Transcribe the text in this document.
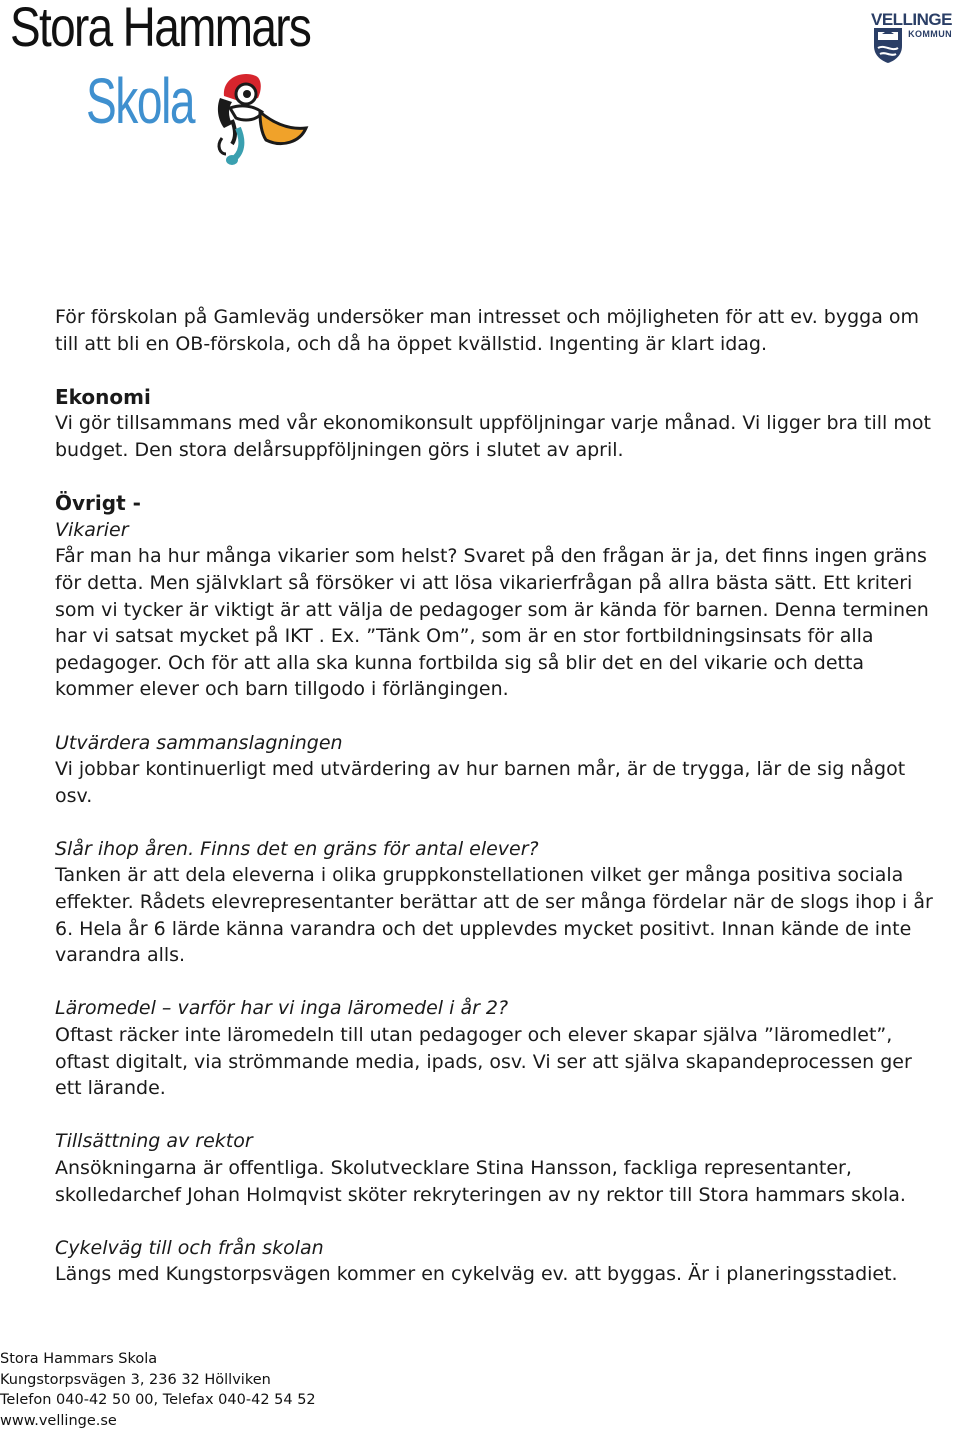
Stora Hammars
Skola
VELLINGE
KOMMUN

För förskolan på Gamleväg undersöker man intresset och möjligheten för att ev. bygga om till att bli en OB-förskola, och då ha öppet kvällstid. Ingenting är klart idag.

Ekonomi

Vi gör tillsammans med vår ekonomikonsult uppföljningar varje månad. Vi ligger bra till mot budget. Den stora delårsuppföljningen görs i slutet av april.

Övrigt -

Vikarier

Får man ha hur många vikarier som helst? Svaret på den frågan är ja, det finns ingen gräns för detta. Men självklart så försöker vi att lösa vikarierfrågan på allra bästa sätt. Ett kriteri som vi tycker är viktigt är att välja de pedagoger som är kända för barnen. Denna terminen har vi satsat mycket på IKT . Ex. ”Tänk Om”, som är en stor fortbildningsinsats för alla pedagoger. Och för att alla ska kunna fortbilda sig så blir det en del vikarie och detta kommer elever och barn tillgodo i förlängingen.

Utvärdera sammanslagningen

Vi jobbar kontinuerligt med utvärdering av hur barnen mår, är de trygga, lär de sig något osv.

Slår ihop åren. Finns det en gräns för antal elever?

Tanken är att dela eleverna i olika gruppkonstellationen vilket ger många positiva sociala effekter. Rådets elevrepresentanter berättar att de ser många fördelar när de slogs ihop i år 6. Hela år 6 lärde känna varandra och det upplevdes mycket positivt. Innan kände de inte varandra alls.

Läromedel – varför har vi inga läromedel i år 2?

Oftast räcker inte läromedeln till utan pedagoger och elever skapar själva ”läromedlet”, oftast digitalt, via strömmande media, ipads, osv. Vi ser att själva skapandeprocessen ger ett lärande.

Tillsättning av rektor

Ansökningarna är offentliga. Skolutvecklare Stina Hansson, fackliga representanter, skolledarchef Johan Holmqvist sköter rekryteringen av ny rektor till Stora hammars skola.

Cykelväg till och från skolan

Längs med Kungstorpsvägen kommer en cykelväg ev. att byggas. Är i planeringsstadiet.

Stora Hammars Skola
Kungstorpsvägen 3, 236 32 Höllviken
Telefon 040-42 50 00, Telefax 040-42 54 52
www.vellinge.se
